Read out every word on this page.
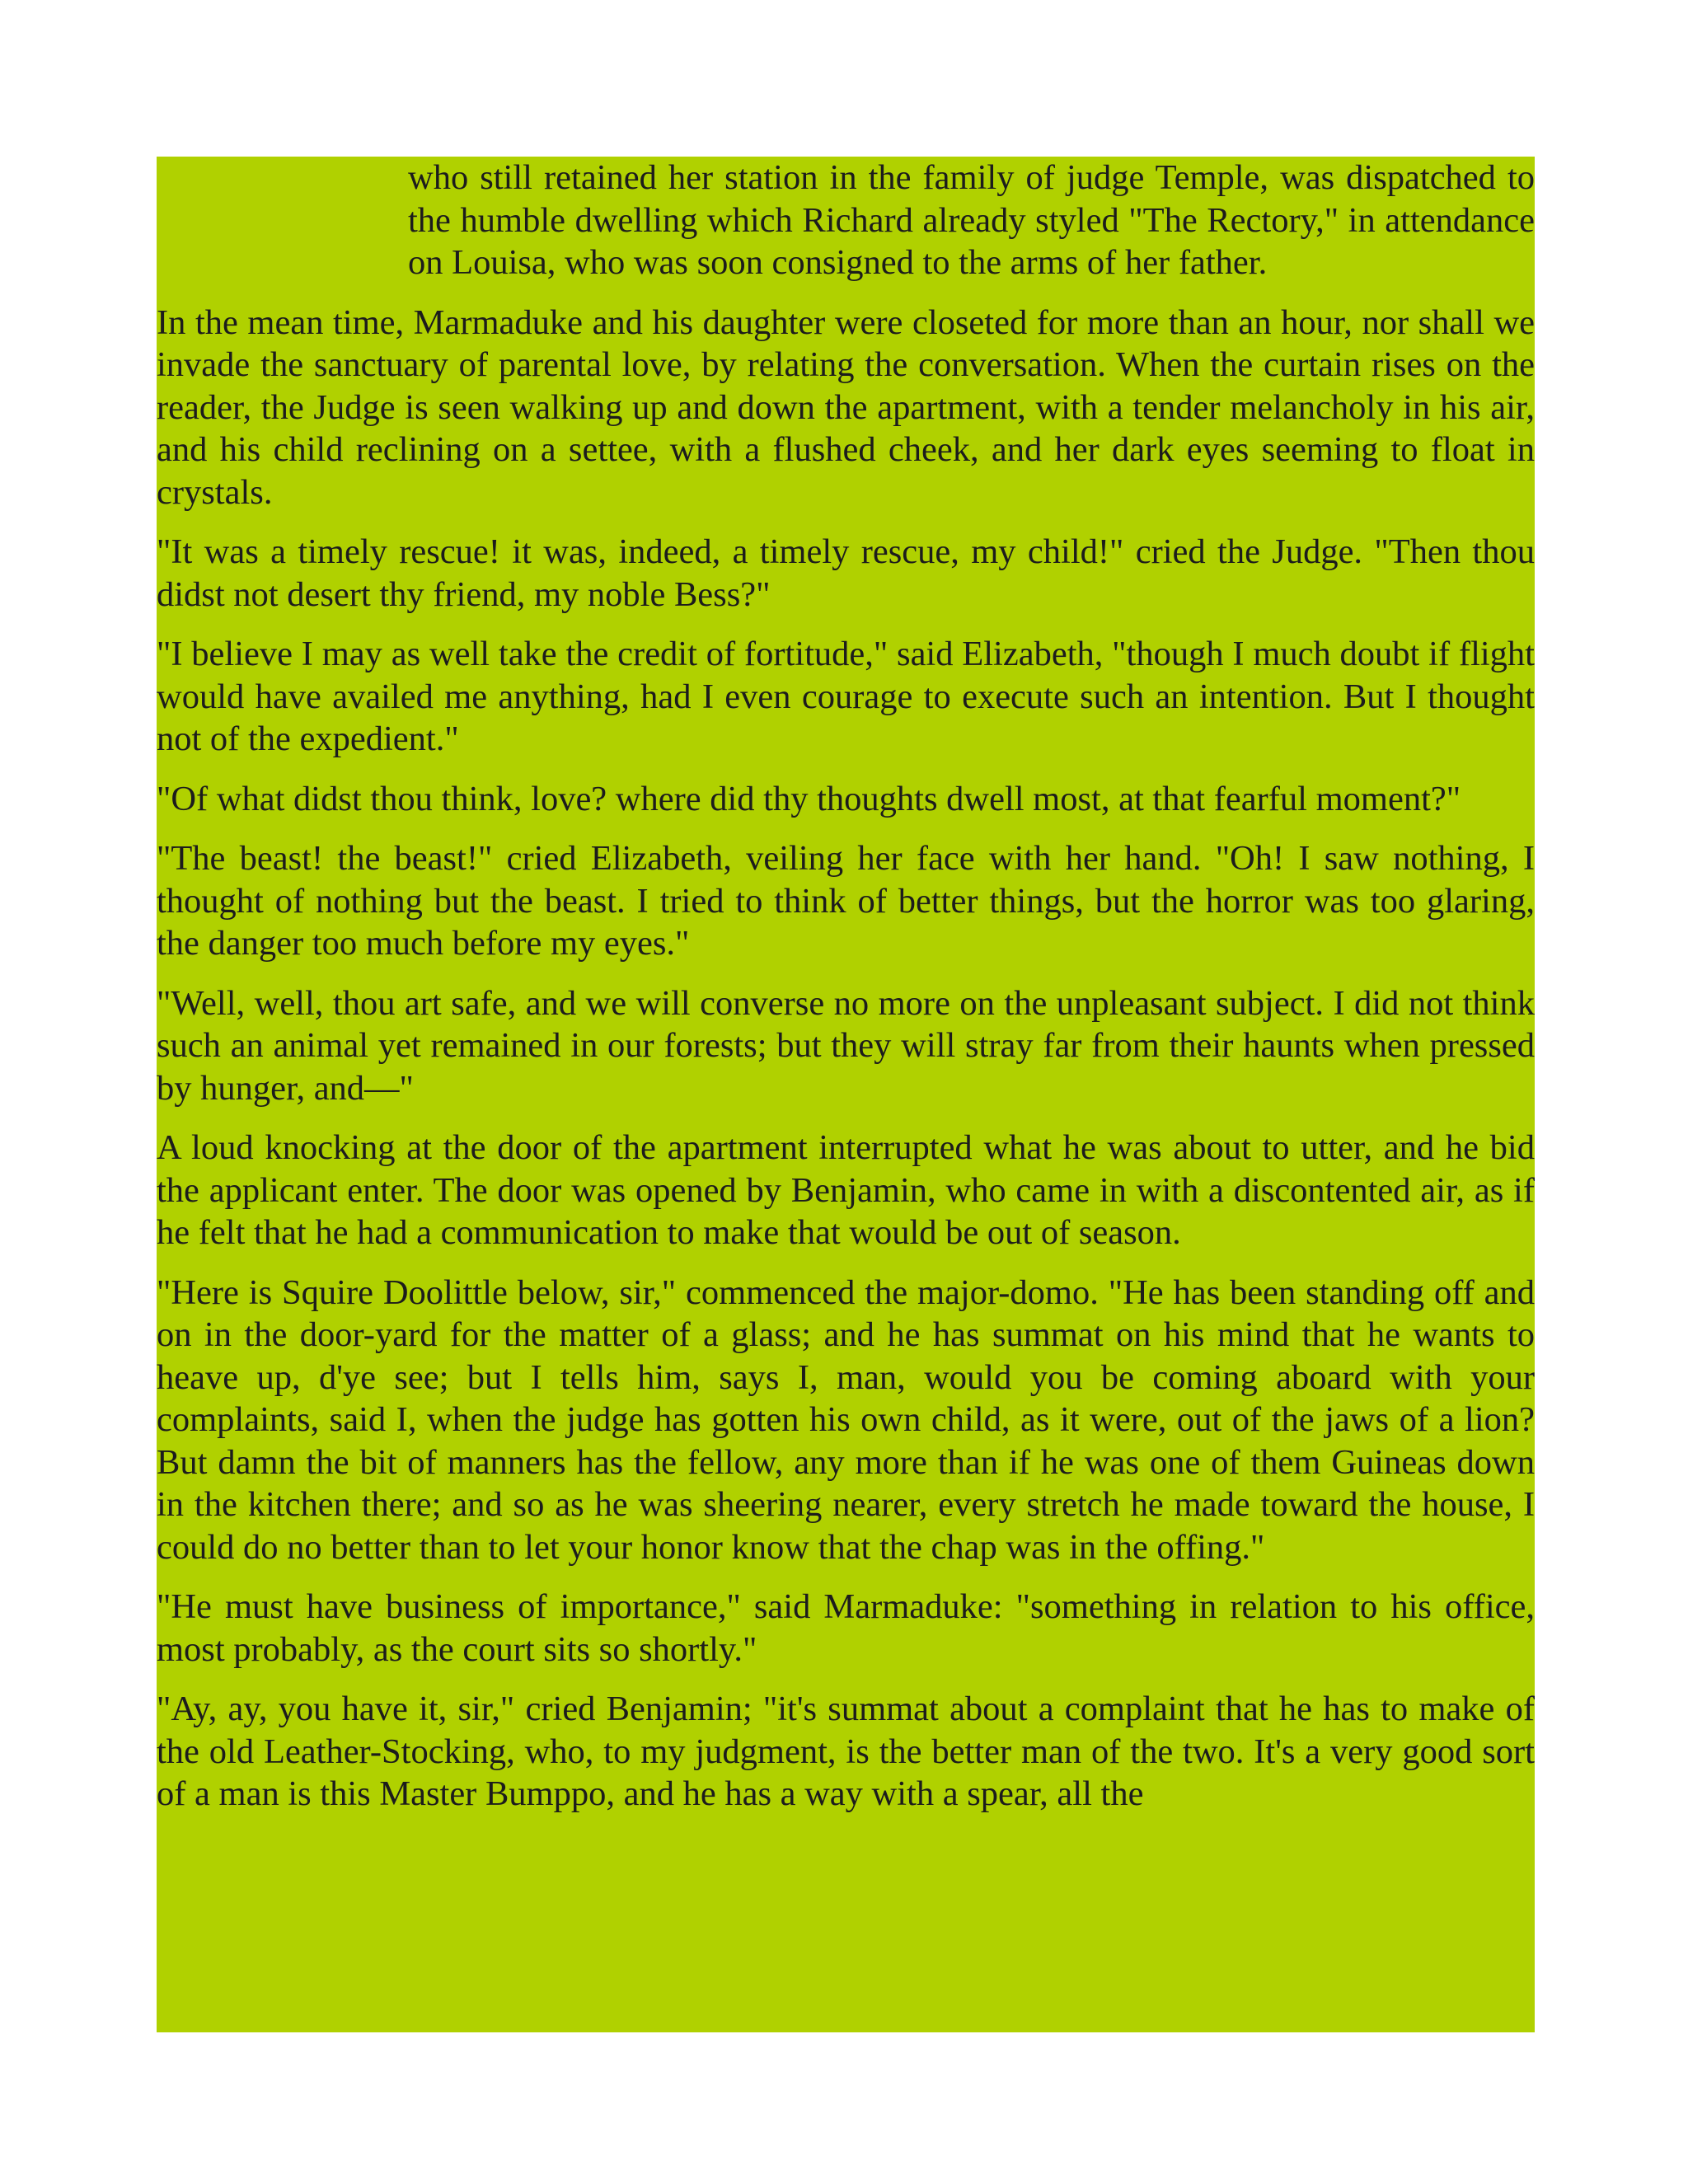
who still retained her station in the family of judge Temple, was dispatched to the humble dwelling which Richard already styled "The Rectory," in attendance on Louisa, who was soon consigned to the arms of her father.

In the mean time, Marmaduke and his daughter were closeted for more than an hour, nor shall we invade the sanctuary of parental love, by relating the conversation. When the curtain rises on the reader, the Judge is seen walking up and down the apartment, with a tender melancholy in his air, and his child reclining on a settee, with a flushed cheek, and her dark eyes seeming to float in crystals.

"It was a timely rescue! it was, indeed, a timely rescue, my child!" cried the Judge. "Then thou didst not desert thy friend, my noble Bess?"

"I believe I may as well take the credit of fortitude," said Elizabeth, "though I much doubt if flight would have availed me anything, had I even courage to execute such an intention. But I thought not of the expedient."

"Of what didst thou think, love? where did thy thoughts dwell most, at that fearful moment?"

"The beast! the beast!" cried Elizabeth, veiling her face with her hand. "Oh! I saw nothing, I thought of nothing but the beast. I tried to think of better things, but the horror was too glaring, the danger too much before my eyes."

"Well, well, thou art safe, and we will converse no more on the unpleasant subject. I did not think such an animal yet remained in our forests; but they will stray far from their haunts when pressed by hunger, and—"

A loud knocking at the door of the apartment interrupted what he was about to utter, and he bid the applicant enter. The door was opened by Benjamin, who came in with a discontented air, as if he felt that he had a communication to make that would be out of season.

"Here is Squire Doolittle below, sir," commenced the major-domo. "He has been standing off and on in the door-yard for the matter of a glass; and he has summat on his mind that he wants to heave up, d'ye see; but I tells him, says I, man, would you be coming aboard with your complaints, said I, when the judge has gotten his own child, as it were, out of the jaws of a lion? But damn the bit of manners has the fellow, any more than if he was one of them Guineas down in the kitchen there; and so as he was sheering nearer, every stretch he made toward the house, I could do no better than to let your honor know that the chap was in the offing."

"He must have business of importance," said Marmaduke: "something in relation to his office, most probably, as the court sits so shortly."

"Ay, ay, you have it, sir," cried Benjamin; "it's summat about a complaint that he has to make of the old Leather-Stocking, who, to my judgment, is the better man of the two. It's a very good sort of a man is this Master Bumppo, and he has a way with a spear, all the
